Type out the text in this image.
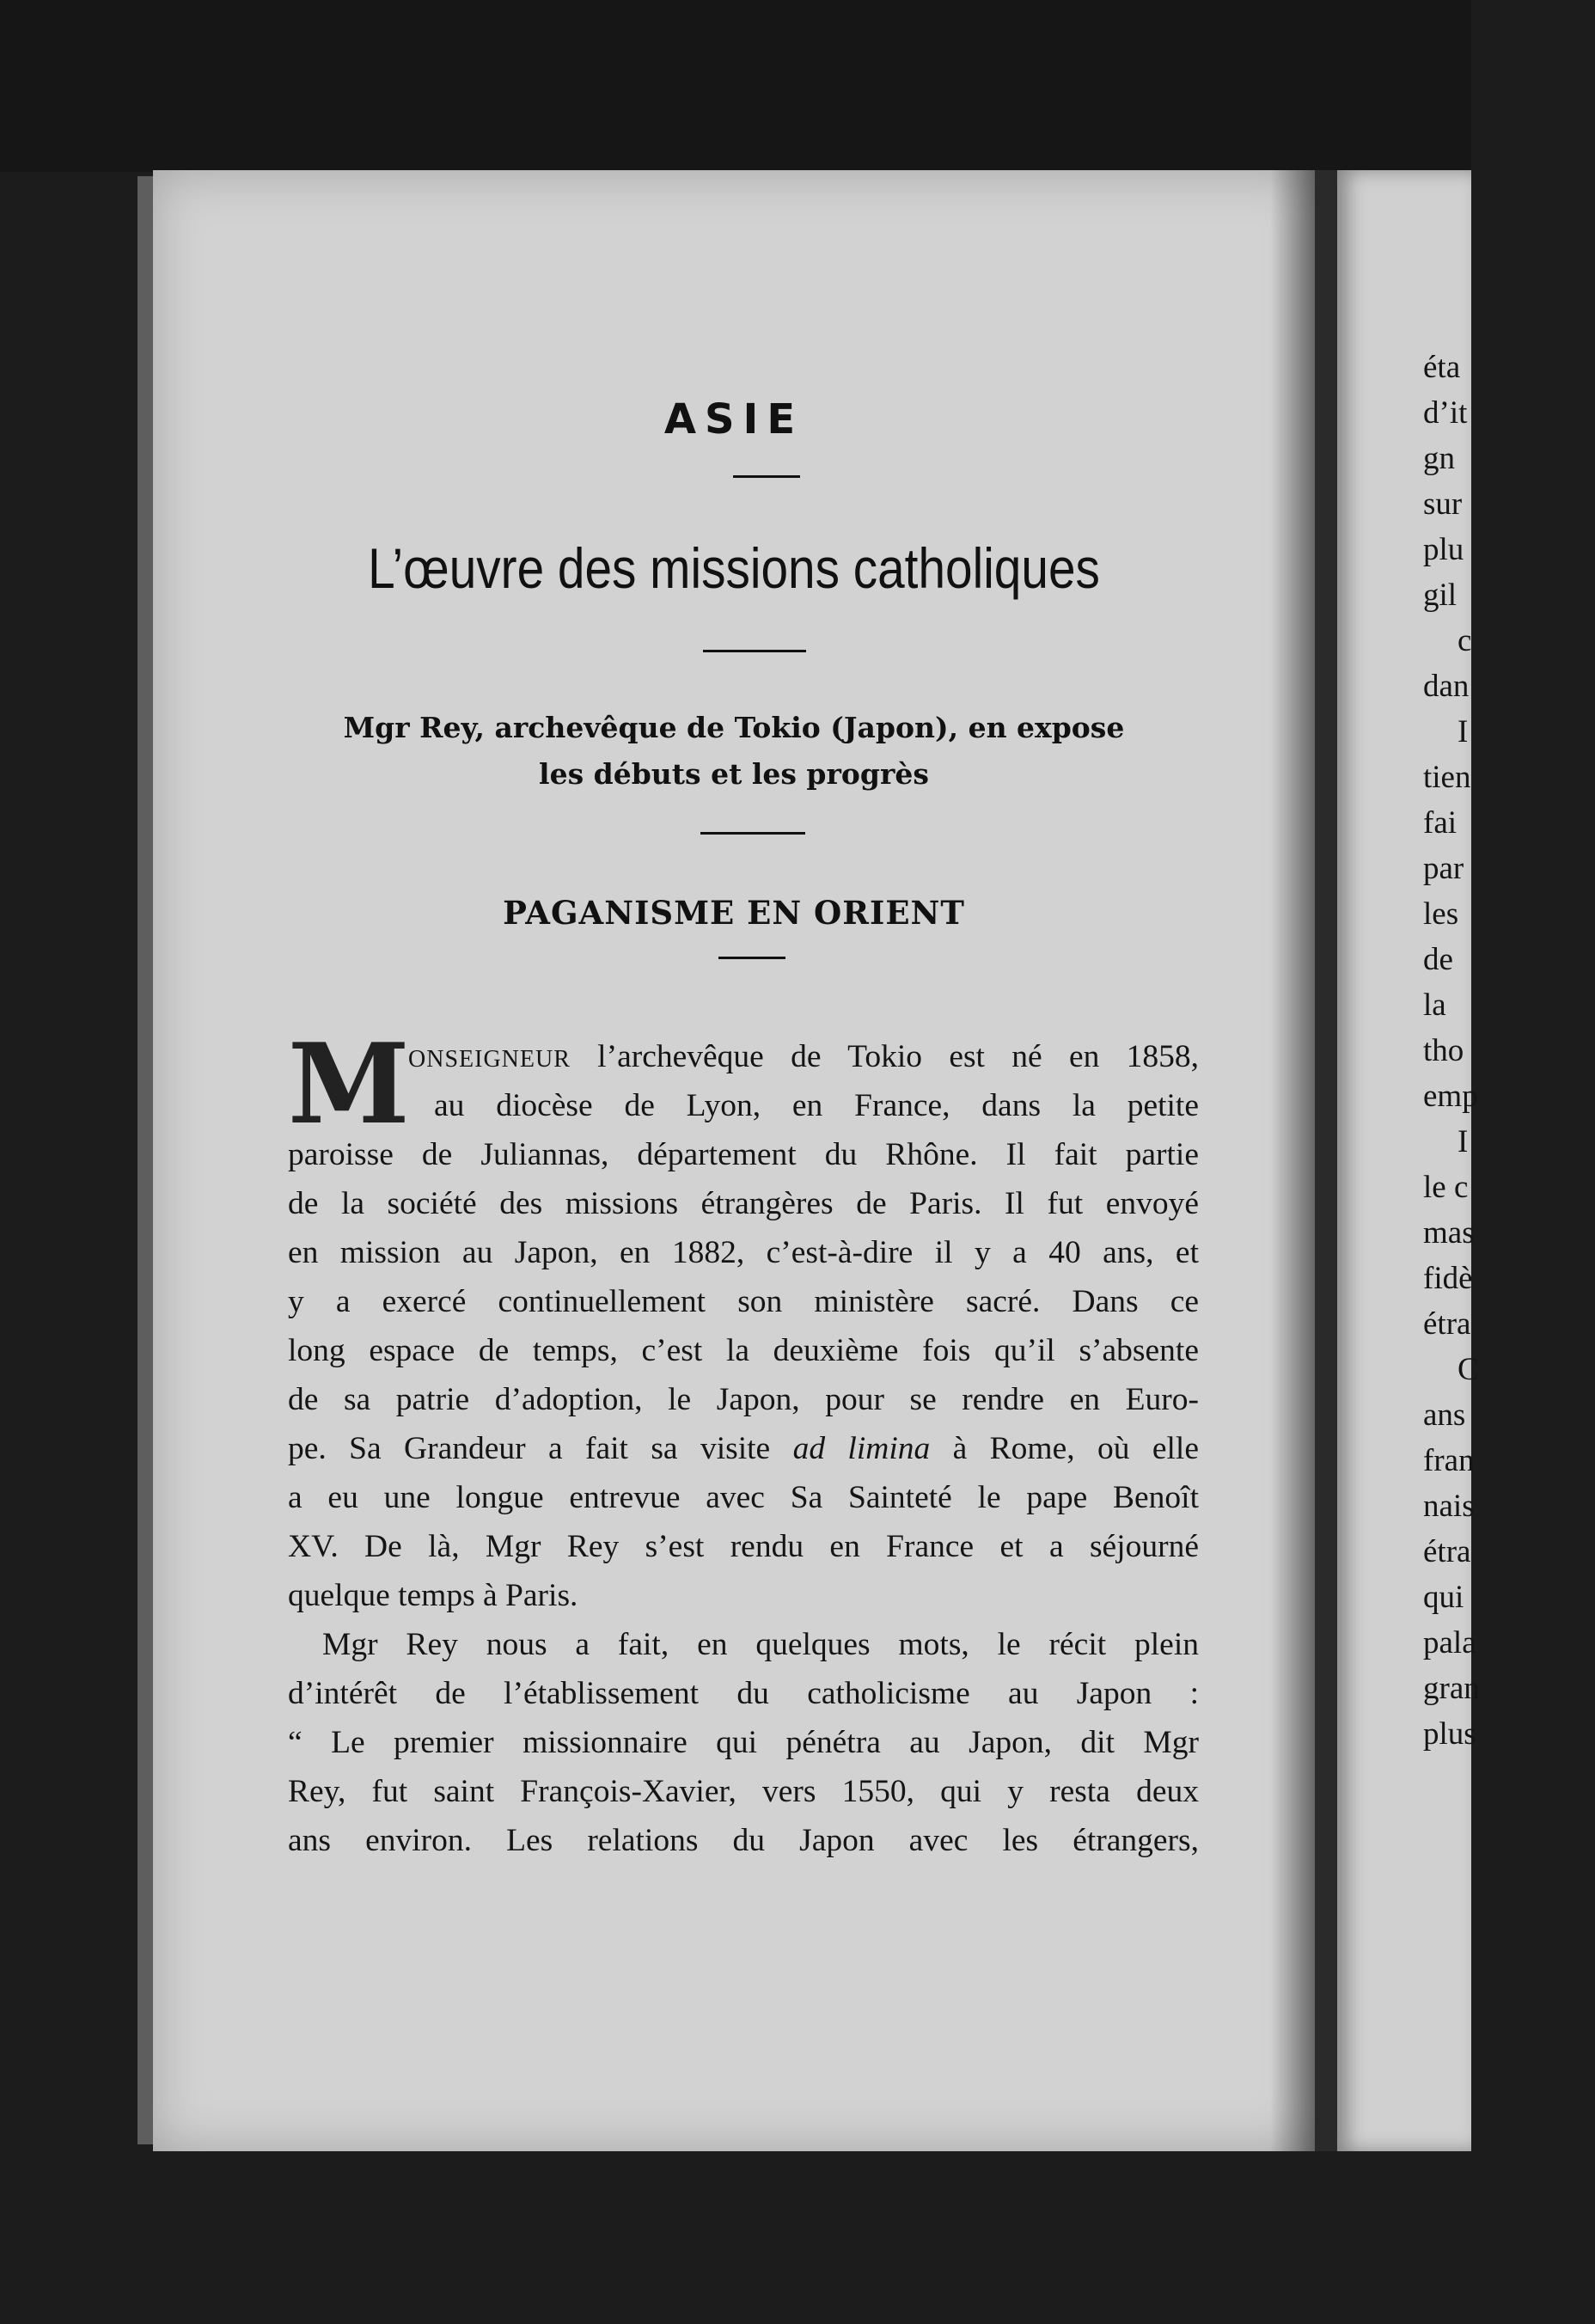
ASIE
L’œuvre des missions catholiques
Mgr Rey, archevêque de Tokio (Japon), en expose
les débuts et les progrès
PAGANISME EN ORIENT
M
ONSEIGNEUR l’archevêque de Tokio est né en 1858,
au diocèse de Lyon, en France, dans la petite
paroisse de Juliannas, département du Rhône. Il fait partie
de la société des missions étrangères de Paris. Il fut envoyé
en mission au Japon, en 1882, c’est-à-dire il y a 40 ans, et
y a exercé continuellement son ministère sacré. Dans ce
long espace de temps, c’est la deuxième fois qu’il s’absente
de sa patrie d’adoption, le Japon, pour se rendre en Euro-
pe. Sa Grandeur a fait sa visite ad limina à Rome, où elle
a eu une longue entrevue avec Sa Sainteté le pape Benoît
XV. De là, Mgr Rey s’est rendu en France et a séjourné
quelque temps à Paris.
Mgr Rey nous a fait, en quelques mots, le récit plein
d’intérêt de l’établissement du catholicisme au Japon :
“ Le premier missionnaire qui pénétra au Japon, dit Mgr
Rey, fut saint François-Xavier, vers 1550, qui y resta deux
ans environ. Les relations du Japon avec les étrangers,
éta
d’it
gn
sur
plu
gil
c
dan
I
tien
fai
par
les
de
la
tho
emp
I
le c
mas
fidè
étra
C
ans
fran
nais
étra
qui
pala
gran
plus
